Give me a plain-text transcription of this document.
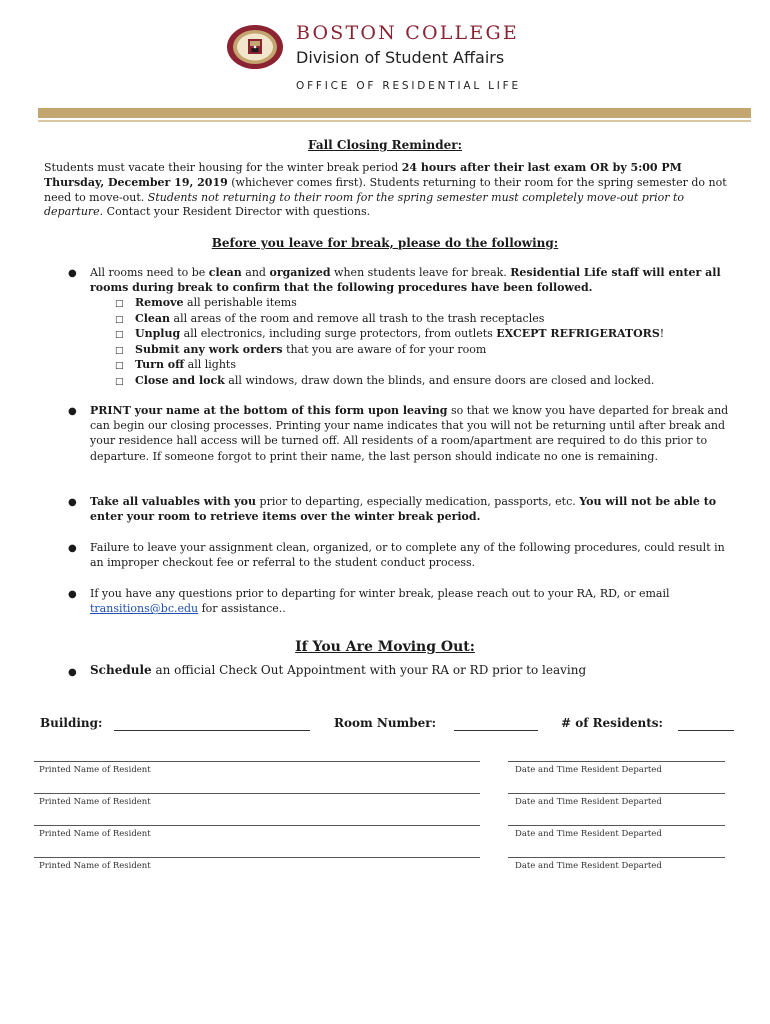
BOSTON COLLEGE
Division of Student Affairs
OFFICE OF RESIDENTIAL LIFE
Fall Closing Reminder:
Students must vacate their housing for the winter break period 24 hours after their last exam OR by 5:00 PM Thursday, December 19, 2019 (whichever comes first). Students returning to their room for the spring semester do not need to move-out. Students not returning to their room for the spring semester must completely move-out prior to departure. Contact your Resident Director with questions.
Before you leave for break, please do the following:
● All rooms need to be clean and organized when students leave for break. Residential Life staff will enter all rooms during break to confirm that the following procedures have been followed.
□ Remove all perishable items
□ Clean all areas of the room and remove all trash to the trash receptacles
□ Unplug all electronics, including surge protectors, from outlets EXCEPT REFRIGERATORS!
□ Submit any work orders that you are aware of for your room
□ Turn off all lights
□ Close and lock all windows, draw down the blinds, and ensure doors are closed and locked.
● PRINT your name at the bottom of this form upon leaving so that we know you have departed for break and can begin our closing processes. Printing your name indicates that you will not be returning until after break and your residence hall access will be turned off. All residents of a room/apartment are required to do this prior to departure. If someone forgot to print their name, the last person should indicate no one is remaining.
● Take all valuables with you prior to departing, especially medication, passports, etc. You will not be able to enter your room to retrieve items over the winter break period.
● Failure to leave your assignment clean, organized, or to complete any of the following procedures, could result in an improper checkout fee or referral to the student conduct process.
● If you have any questions prior to departing for winter break, please reach out to your RA, RD, or email transitions@bc.edu for assistance..
If You Are Moving Out:
● Schedule an official Check Out Appointment with your RA or RD prior to leaving
Building:	Room Number:	# of Residents:
Printed Name of Resident	Date and Time Resident Departed
Printed Name of Resident	Date and Time Resident Departed
Printed Name of Resident	Date and Time Resident Departed
Printed Name of Resident	Date and Time Resident Departed
